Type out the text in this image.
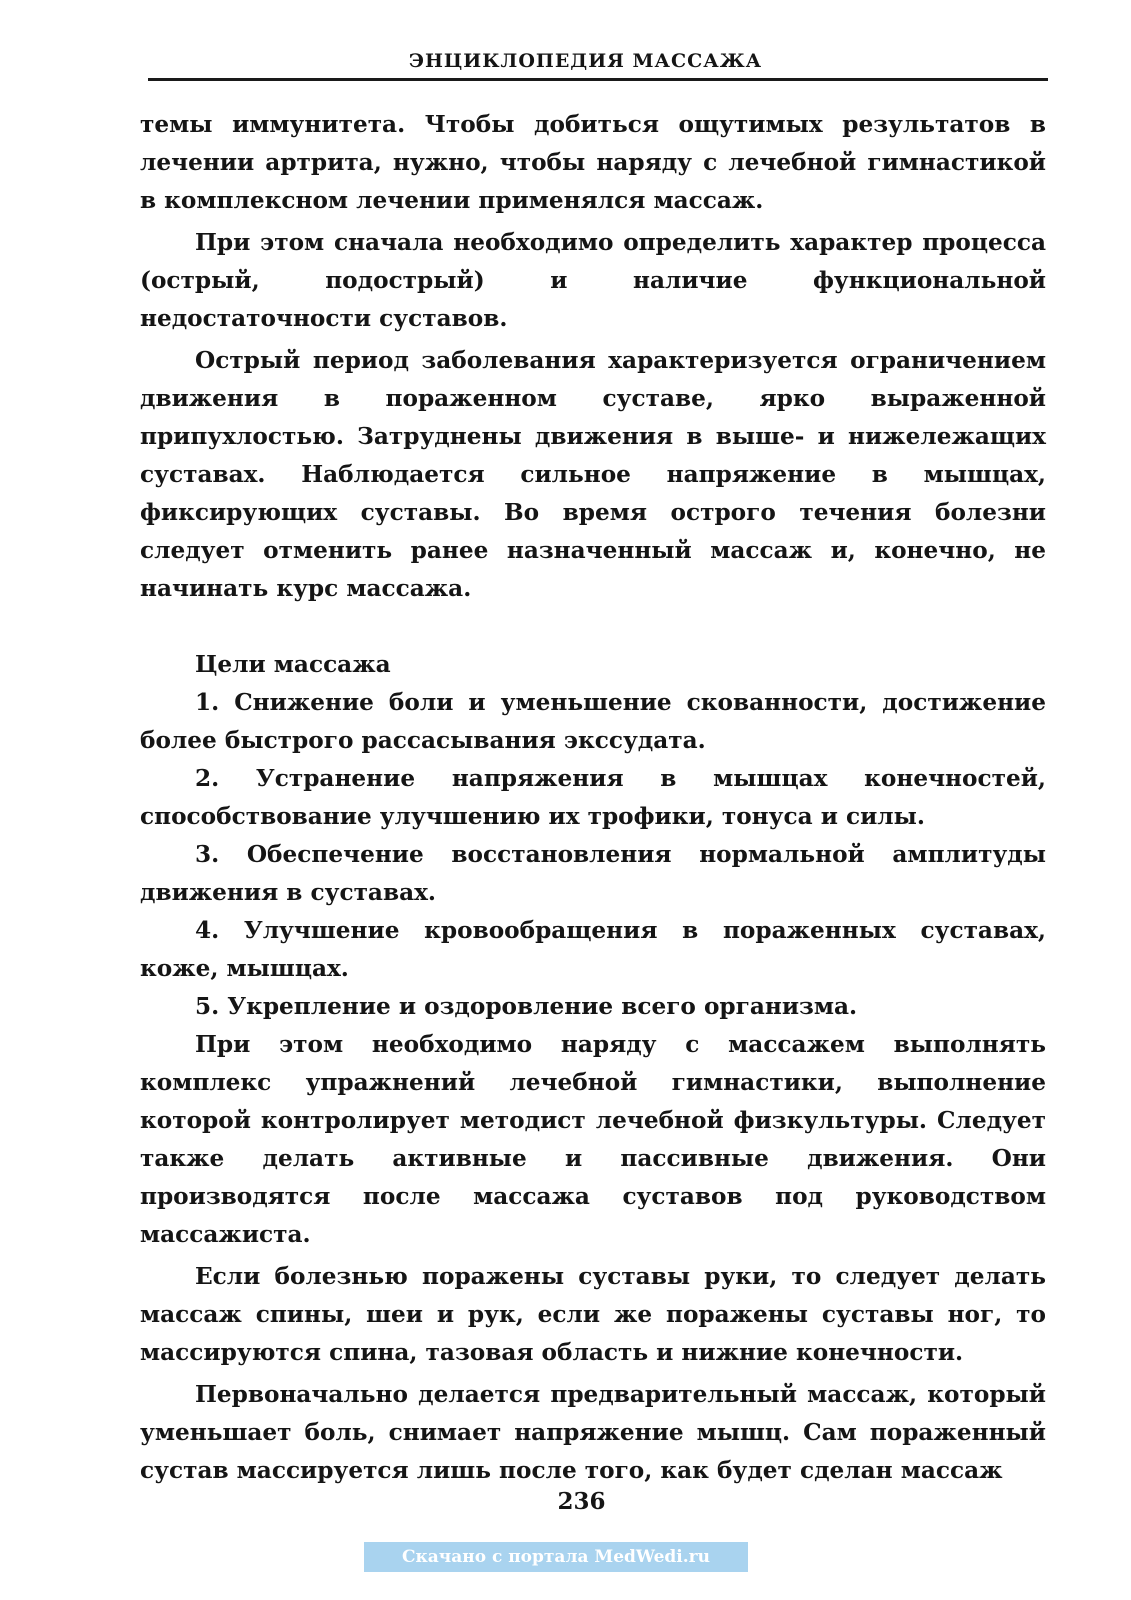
ЭНЦИКЛОПЕДИЯ МАССАЖА

темы иммунитета. Чтобы добиться ощутимых результатов в лечении артрита, нужно, чтобы наряду с лечебной гимнастикой в комплексном лечении применялся массаж.

При этом сначала необходимо определить характер процесса (острый, подострый) и наличие функциональной недостаточности суставов.

Острый период заболевания характеризуется ограничением движения в пораженном суставе, ярко выраженной припухлостью. Затруднены движения в выше- и нижележащих суставах. Наблюдается сильное напряжение в мышцах, фиксирующих суставы. Во время острого течения болезни следует отменить ранее назначенный массаж и, конечно, не начинать курс массажа.

Цели массажа

1. Снижение боли и уменьшение скованности, достижение более быстрого рассасывания экссудата.

2. Устранение напряжения в мышцах конечностей, способствование улучшению их трофики, тонуса и силы.

3. Обеспечение восстановления нормальной амплитуды движения в суставах.

4. Улучшение кровообращения в пораженных суставах, коже, мышцах.

5. Укрепление и оздоровление всего организма.

При этом необходимо наряду с массажем выполнять комплекс упражнений лечебной гимнастики, выполнение которой контролирует методист лечебной физкультуры. Следует также делать активные и пассивные движения. Они производятся после массажа суставов под руководством массажиста.

Если болезнью поражены суставы руки, то следует делать массаж спины, шеи и рук, если же поражены суставы ног, то массируются спина, тазовая область и нижние конечности.

Первоначально делается предварительный массаж, который уменьшает боль, снимает напряжение мышц. Сам пораженный сустав массируется лишь после того, как будет сделан массаж

236
Скачано с портала MedWedi.ru
